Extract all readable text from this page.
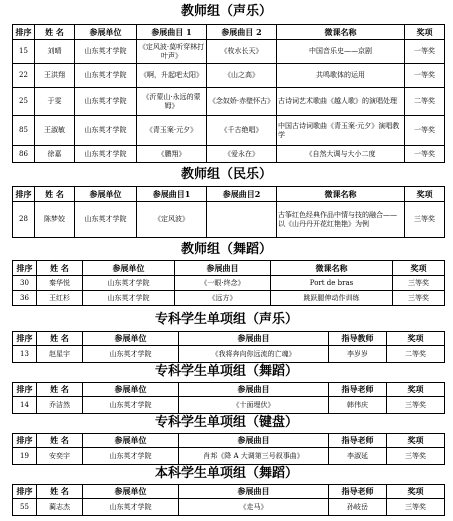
教师组（声乐）
排序	姓 名	参展单位	参展曲目 1	参展曲目 2	微课名称	奖项
15	刘晴	山东英才学院	《定风波·莫听穿林打叶声》	《枚水长天》	中国音乐史——京剧	一等奖
22	王洪翔	山东英才学院	《啊，升起吧太阳》	《山之高》	共鸣歌体的运用	一等奖
25	于雯	山东英才学院	《沂蒙山·永远的蒙姆》	《念奴娇·赤壁怀古》	古诗词艺术歌曲《越人歌》的演唱处理	二等奖
85	王淑敏	山东英才学院	《青玉案·元夕》	《千古绝唱》	中国古诗词歌曲《青玉案·元夕》演唱教学	一等奖
86	徐嘉	山东英才学院	《鹏翔》	《爱永在》	《自然大调与大小二度	一等奖
教师组（民乐）
排序	姓 名	参展单位	参展曲目1	参展曲目2	微课名称	奖项
28	陈梦姣	山东英才学院	《定风波》		古筝红色经典作品中情与技的融合——以《山丹丹开花红艳艳》为例	三等奖
教师组（舞蹈）
排序	姓 名	参展单位	参展曲目	微课名称	奖项
30	秦华悦	山东英才学院	《一眼·终念》	Port de bras	三等奖
36	王红杉	山东英才学院	《远方》	跳跃腿伸动作训练	三等奖
专科学生单项组（声乐）
排序	姓 名	参展单位	参展曲目	指导教师	奖项
13	赵星宇	山东英才学院	《我将奔向你远流的亡魂》	李岁岁	二等奖
专科学生单项组（舞蹈）
排序	姓 名	参展单位	参展曲目	指导老师	奖项
14	乔洁然	山东英才学院	《十面埋伏》	韩伟庆	三等奖
专科学生单项组（键盘）
排序	姓 名	参展单位	参展曲目	指导老师	奖项
19	安奕宇	山东英才学院	肖邦《降 A 大调第三号叙事曲》	李淑延	三等奖
本科学生单项组（舞蹈）
排序	姓 名	参展单位	参展曲目	指导老师	奖项
55	蔺志杰	山东英才学院	《走马》	孙岐岳	三等奖
